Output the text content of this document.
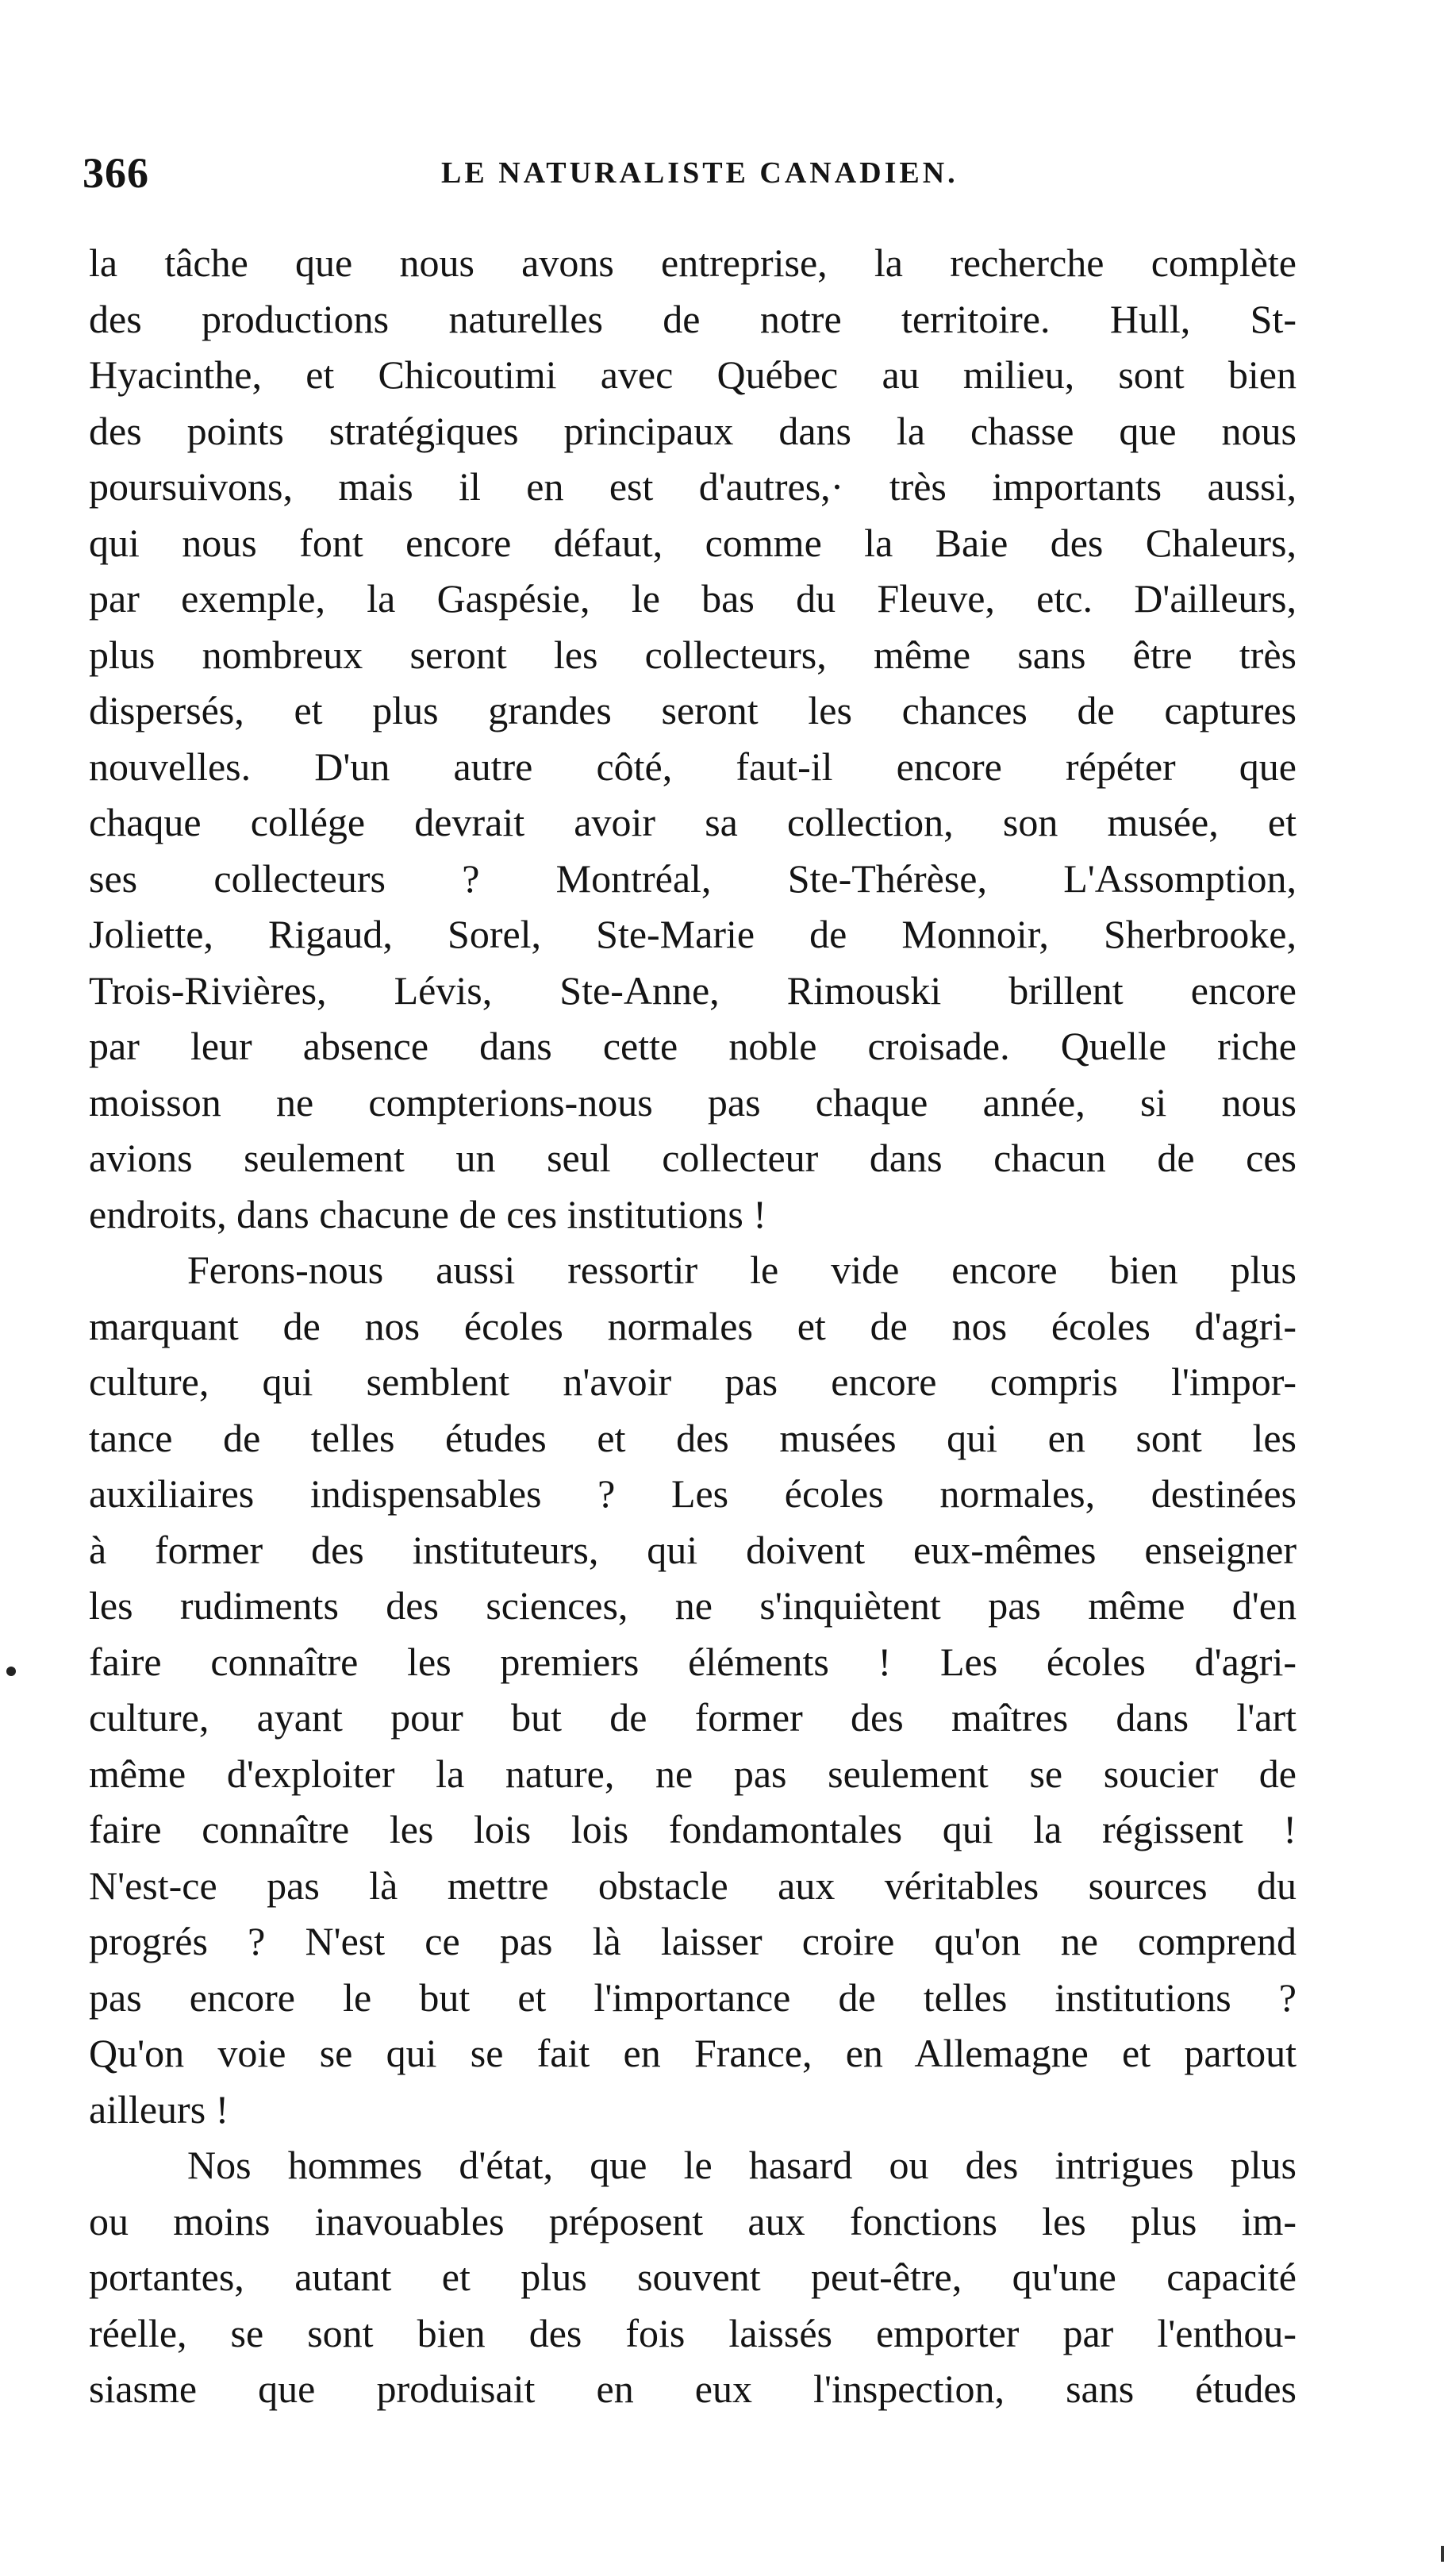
366	LE NATURALISTE CANADIEN.
la tâche que nous avons entreprise, la recherche complète
des productions naturelles de notre territoire. Hull, St-
Hyacinthe, et Chicoutimi avec Québec au milieu, sont bien
des points stratégiques principaux dans la chasse que nous
poursuivons, mais il en est d'autres,· très importants aussi,
qui nous font encore défaut, comme la Baie des Chaleurs,
par exemple, la Gaspésie, le bas du Fleuve, etc. D'ailleurs,
plus nombreux seront les collecteurs, même sans être très
dispersés, et plus grandes seront les chances de captures
nouvelles. D'un autre côté, faut-il encore répéter que
chaque collége devrait avoir sa collection, son musée, et
ses collecteurs ? Montréal, Ste-Thérèse, L'Assomption,
Joliette, Rigaud, Sorel, Ste-Marie de Monnoir, Sherbrooke,
Trois-Rivières, Lévis, Ste-Anne, Rimouski brillent encore
par leur absence dans cette noble croisade. Quelle riche
moisson ne compterions-nous pas chaque année, si nous
avions seulement un seul collecteur dans chacun de ces
endroits, dans chacune de ces institutions !
Ferons-nous aussi ressortir le vide encore bien plus
marquant de nos écoles normales et de nos écoles d'agri-
culture, qui semblent n'avoir pas encore compris l'impor-
tance de telles études et des musées qui en sont les
auxiliaires indispensables ? Les écoles normales, destinées
à former des instituteurs, qui doivent eux-mêmes enseigner
les rudiments des sciences, ne s'inquiètent pas même d'en
faire connaître les premiers éléments ! Les écoles d'agri-
culture, ayant pour but de former des maîtres dans l'art
même d'exploiter la nature, ne pas seulement se soucier de
faire connaître les lois lois fondamontales qui la régissent !
N'est-ce pas là mettre obstacle aux véritables sources du
progrés ? N'est ce pas là laisser croire qu'on ne comprend
pas encore le but et l'importance de telles institutions ?
Qu'on voie se qui se fait en France, en Allemagne et partout
ailleurs !
Nos hommes d'état, que le hasard ou des intrigues plus
ou moins inavouables préposent aux fonctions les plus im-
portantes, autant et plus souvent peut-être, qu'une capacité
réelle, se sont bien des fois laissés emporter par l'enthou-
siasme que produisait en eux l'inspection, sans études
